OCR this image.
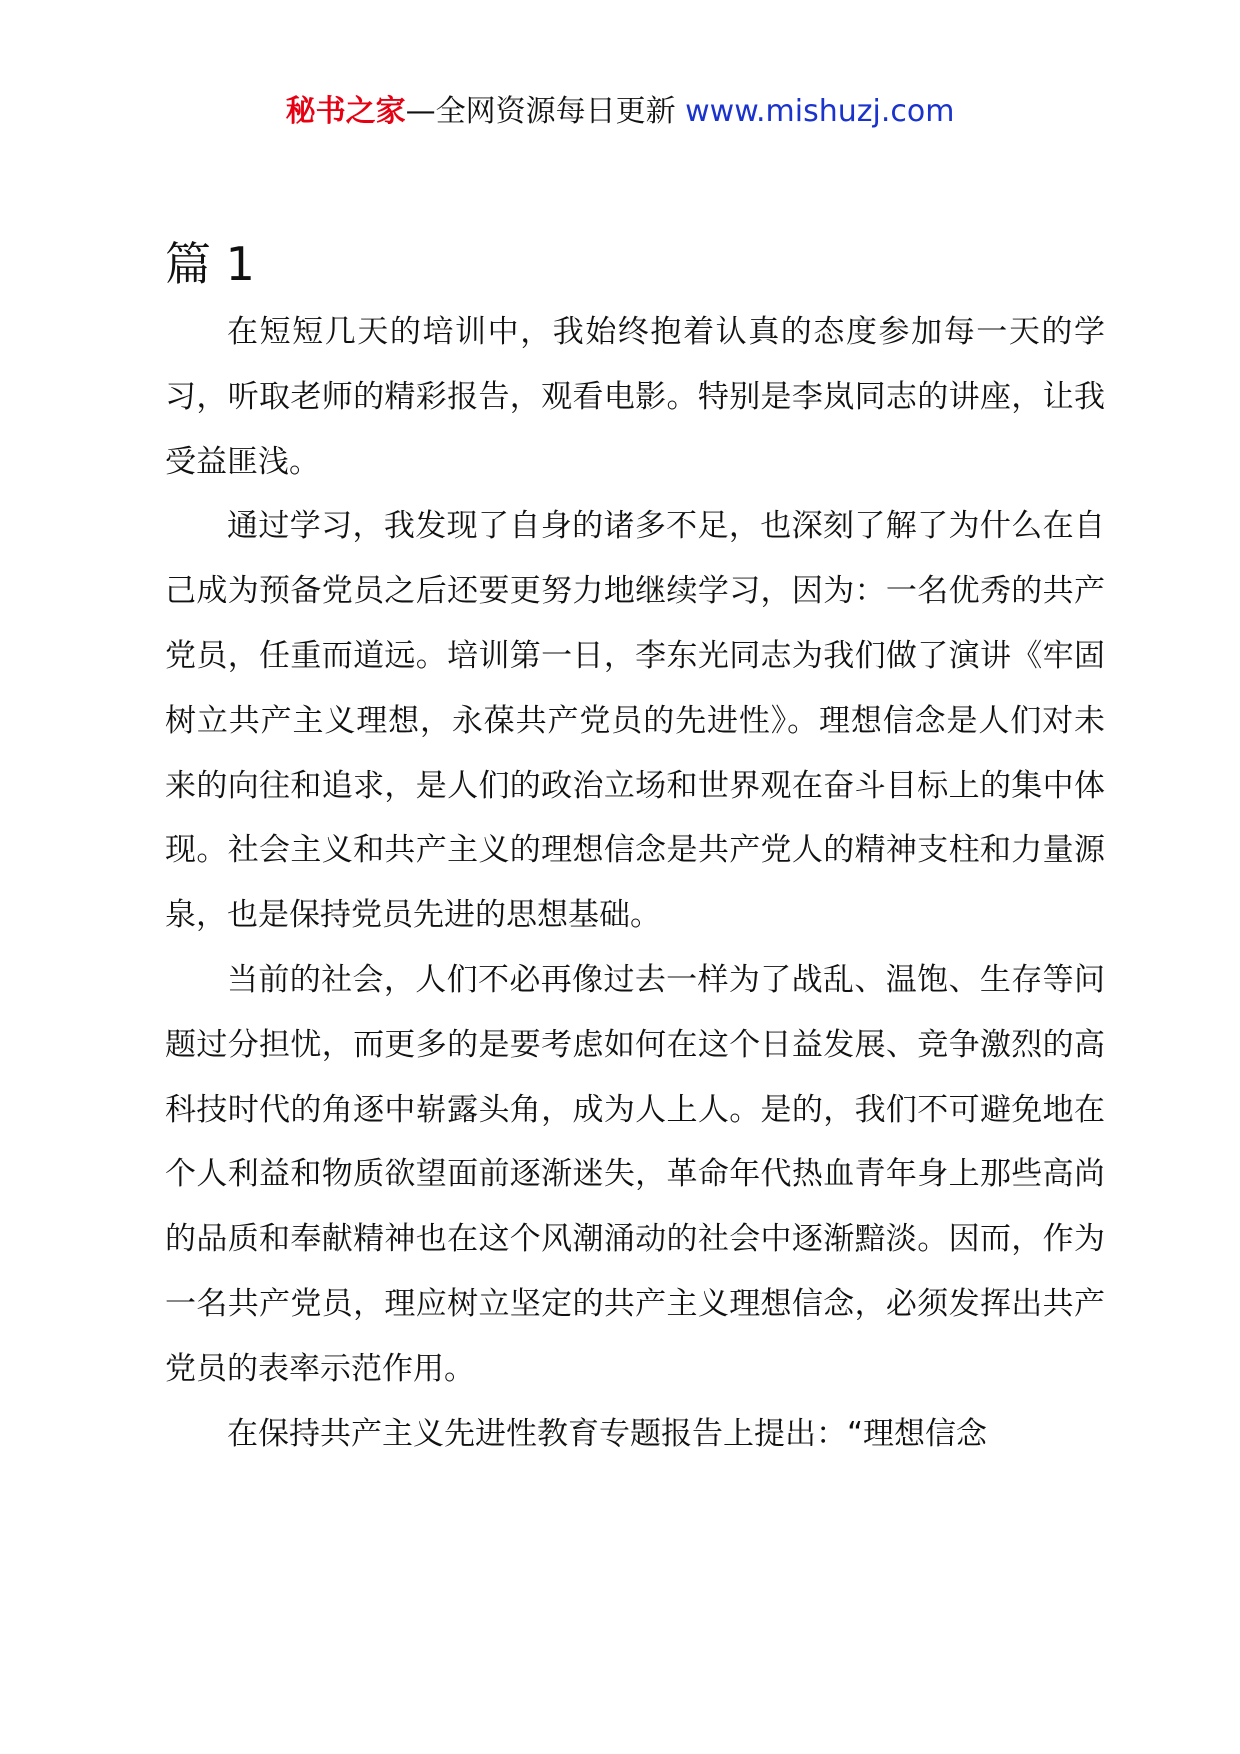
秘书之家—全网资源每日更新 www.mishuzj.com
篇 1

在短短几天的培训中，我始终抱着认真的态度参加每一天的学习，听取老师的精彩报告，观看电影。特别是李岚同志的讲座，让我受益匪浅。

通过学习，我发现了自身的诸多不足，也深刻了解了为什么在自己成为预备党员之后还要更努力地继续学习，因为：一名优秀的共产党员，任重而道远。培训第一日，李东光同志为我们做了演讲《牢固树立共产主义理想，永葆共产党员的先进性》。理想信念是人们对未来的向往和追求，是人们的政治立场和世界观在奋斗目标上的集中体现。社会主义和共产主义的理想信念是共产党人的精神支柱和力量源泉，也是保持党员先进的思想基础。

当前的社会，人们不必再像过去一样为了战乱、温饱、生存等问题过分担忧，而更多的是要考虑如何在这个日益发展、竞争激烈的高科技时代的角逐中崭露头角，成为人上人。是的，我们不可避免地在个人利益和物质欲望面前逐渐迷失，革命年代热血青年身上那些高尚的品质和奉献精神也在这个风潮涌动的社会中逐渐黯淡。因而，作为一名共产党员，理应树立坚定的共产主义理想信念，必须发挥出共产党员的表率示范作用。

在保持共产主义先进性教育专题报告上提出：“理想信念
